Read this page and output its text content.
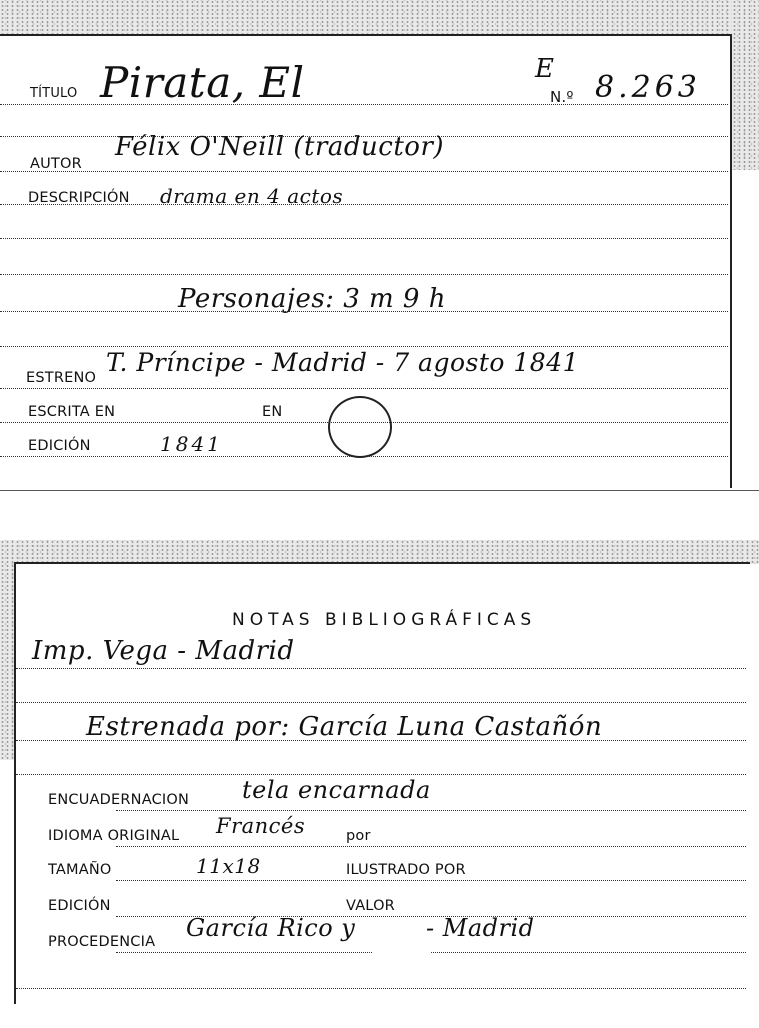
TÍTULO Pirata, El	E
N.º 8.263
AUTOR
Félix O'Neill (traductor)
DESCRIPCIÓN drama en 4 actos
Personajes: 3 m 9 h
ESTRENO
T. Príncipe - Madrid - 7 agosto 1841
ESCRITA EN	EN
EDICIÓN	1841
NOTAS BIBLIOGRÁFICAS
Imp. Vega - Madrid
Estrenada por: García Luna Castañón
ENCUADERNACION tela encarnada
IDIOMA ORIGINAL Francés	por
TAMAÑO	11x18	ILUSTRADO POR
EDICIÓN	VALOR
PROCEDENCIA García Rico y	- Madrid
